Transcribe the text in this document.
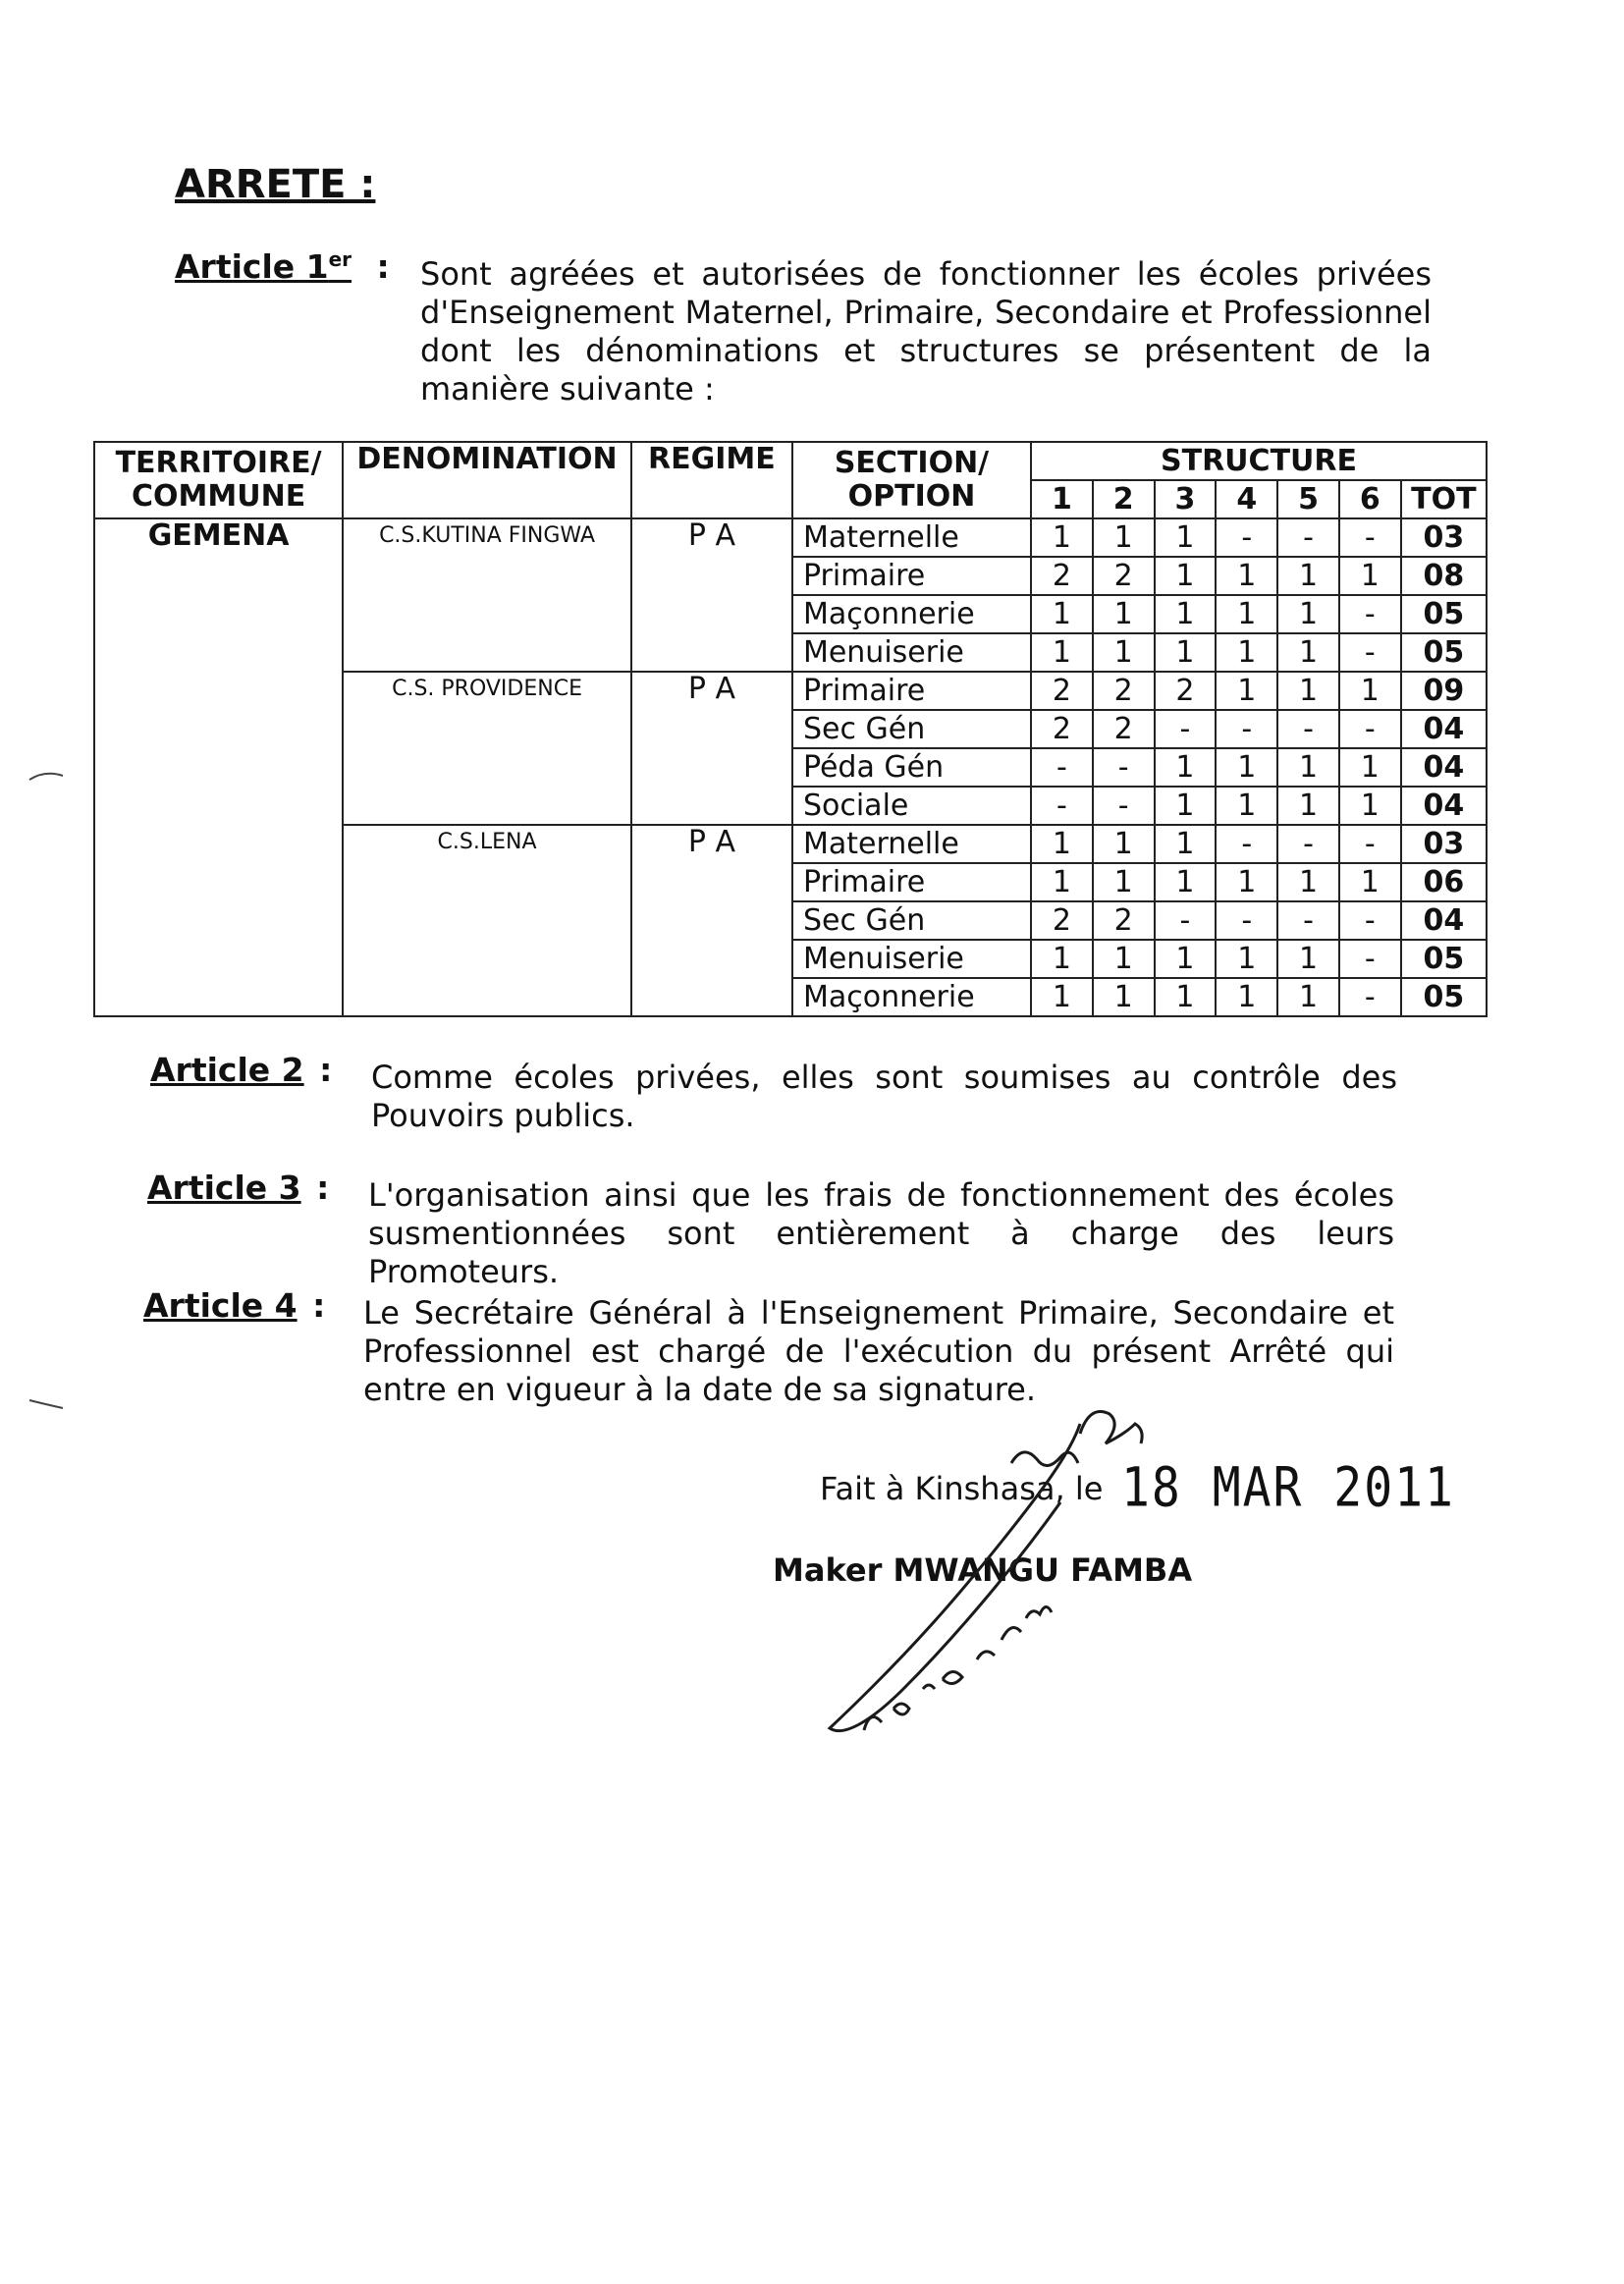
ARRETE :
Article 1er : Sont agréées et autorisées de fonctionner les écoles privées d'Enseignement Maternel, Primaire, Secondaire et Professionnel dont les dénominations et structures se présentent de la manière suivante :
TERRITOIRE/ COMMUNE	DENOMINATION	REGIME	SECTION/ OPTION	STRUCTURE						
				1	2	3	4	5	6	TOT
GEMENA	C.S.KUTINA FINGWA	P A	Maternelle	1	1	1	-	-	-	03
			Primaire	2	2	1	1	1	1	08
			Maçonnerie	1	1	1	1	1	-	05
			Menuiserie	1	1	1	1	1	-	05
	C.S. PROVIDENCE	P A	Primaire	2	2	2	1	1	1	09
			Sec Gén	2	2	-	-	-	-	04
			Péda Gén	-	-	1	1	1	1	04
			Sociale	-	-	1	1	1	1	04
	C.S.LENA	P A	Maternelle	1	1	1	-	-	-	03
			Primaire	1	1	1	1	1	1	06
			Sec Gén	2	2	-	-	-	-	04
			Menuiserie	1	1	1	1	1	-	05
			Maçonnerie	1	1	1	1	1	-	05
Article 2 : Comme écoles privées, elles sont soumises au contrôle des Pouvoirs publics.
Article 3 : L'organisation ainsi que les frais de fonctionnement des écoles susmentionnées sont entièrement à charge des leurs Promoteurs.
Article 4 : Le Secrétaire Général à l'Enseignement Primaire, Secondaire et Professionnel est chargé de l'exécution du présent Arrêté qui entre en vigueur à la date de sa signature.
Fait à Kinshasa, le 18 MAR 2011
Maker MWANGU FAMBA
